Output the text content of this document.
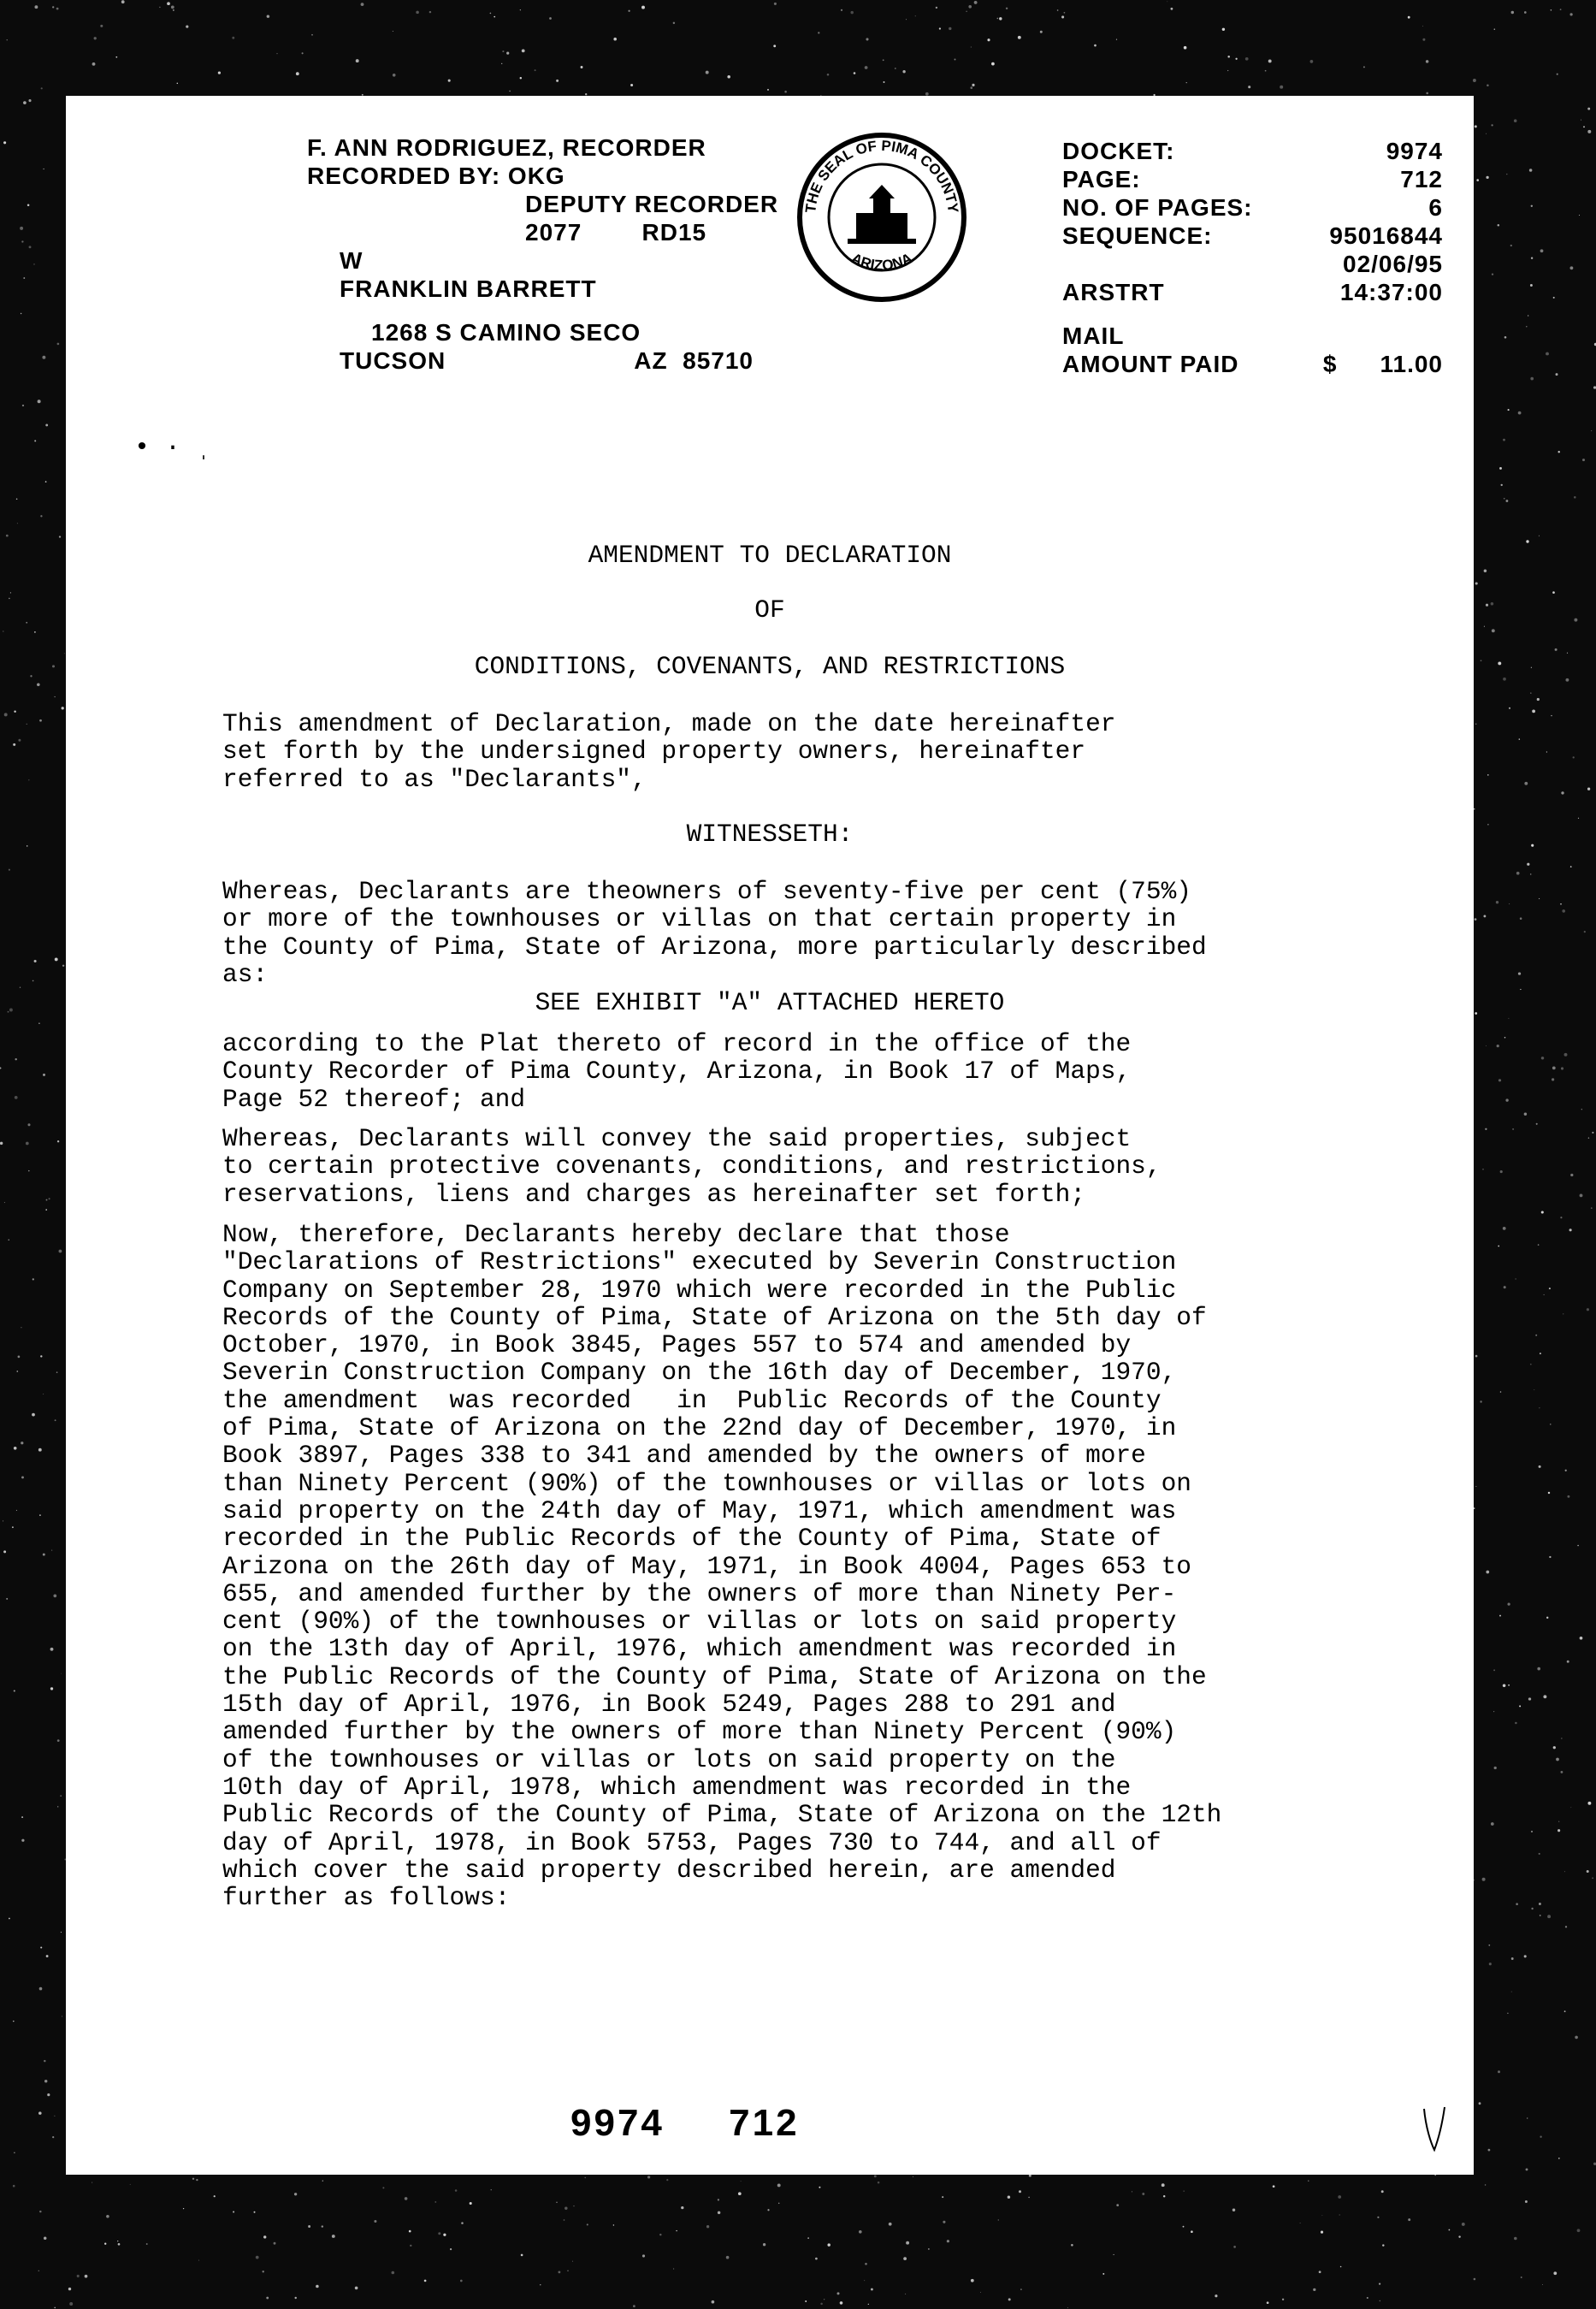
F. ANN RODRIGUEZ, RECORDER
RECORDED BY: OKG
DEPUTY RECORDER
2077        RD15
W
FRANKLIN BARRETT
1268 S CAMINO SECO
TUCSON	AZ  85710
THE SEAL OF PIMA COUNTY
ARIZONA
DOCKET:	9974
PAGE:	712
NO. OF PAGES:	6
SEQUENCE:	95016844
02/06/95
ARSTRT	14:37:00
MAIL
AMOUNT PAID	$ 11.00
• · ˌ
AMENDMENT TO DECLARATION
OF
CONDITIONS, COVENANTS, AND RESTRICTIONS
This amendment of Declaration, made on the date hereinafter
set forth by the undersigned property owners, hereinafter
referred to as "Declarants",
WITNESSETH:
Whereas, Declarants are theowners of seventy-five per cent (75%)
or more of the townhouses or villas on that certain property in
the County of Pima, State of Arizona, more particularly described
as:
SEE EXHIBIT "A" ATTACHED HERETO
according to the Plat thereto of record in the office of the
County Recorder of Pima County, Arizona, in Book 17 of Maps,
Page 52 thereof; and
Whereas, Declarants will convey the said properties, subject
to certain protective covenants, conditions, and restrictions,
reservations, liens and charges as hereinafter set forth;
Now, therefore, Declarants hereby declare that those
"Declarations of Restrictions" executed by Severin Construction
Company on September 28, 1970 which were recorded in the Public
Records of the County of Pima, State of Arizona on the 5th day of
October, 1970, in Book 3845, Pages 557 to 574 and amended by
Severin Construction Company on the 16th day of December, 1970,
the amendment  was recorded   in  Public Records of the County
of Pima, State of Arizona on the 22nd day of December, 1970, in
Book 3897, Pages 338 to 341 and amended by the owners of more
than Ninety Percent (90%) of the townhouses or villas or lots on
said property on the 24th day of May, 1971, which amendment was
recorded in the Public Records of the County of Pima, State of
Arizona on the 26th day of May, 1971, in Book 4004, Pages 653 to
655, and amended further by the owners of more than Ninety Per-
cent (90%) of the townhouses or villas or lots on said property
on the 13th day of April, 1976, which amendment was recorded in
the Public Records of the County of Pima, State of Arizona on the
15th day of April, 1976, in Book 5249, Pages 288 to 291 and
amended further by the owners of more than Ninety Percent (90%)
of the townhouses or villas or lots on said property on the
10th day of April, 1978, which amendment was recorded in the
Public Records of the County of Pima, State of Arizona on the 12th
day of April, 1978, in Book 5753, Pages 730 to 744, and all of
which cover the said property described herein, are amended
further as follows:
9974 712
